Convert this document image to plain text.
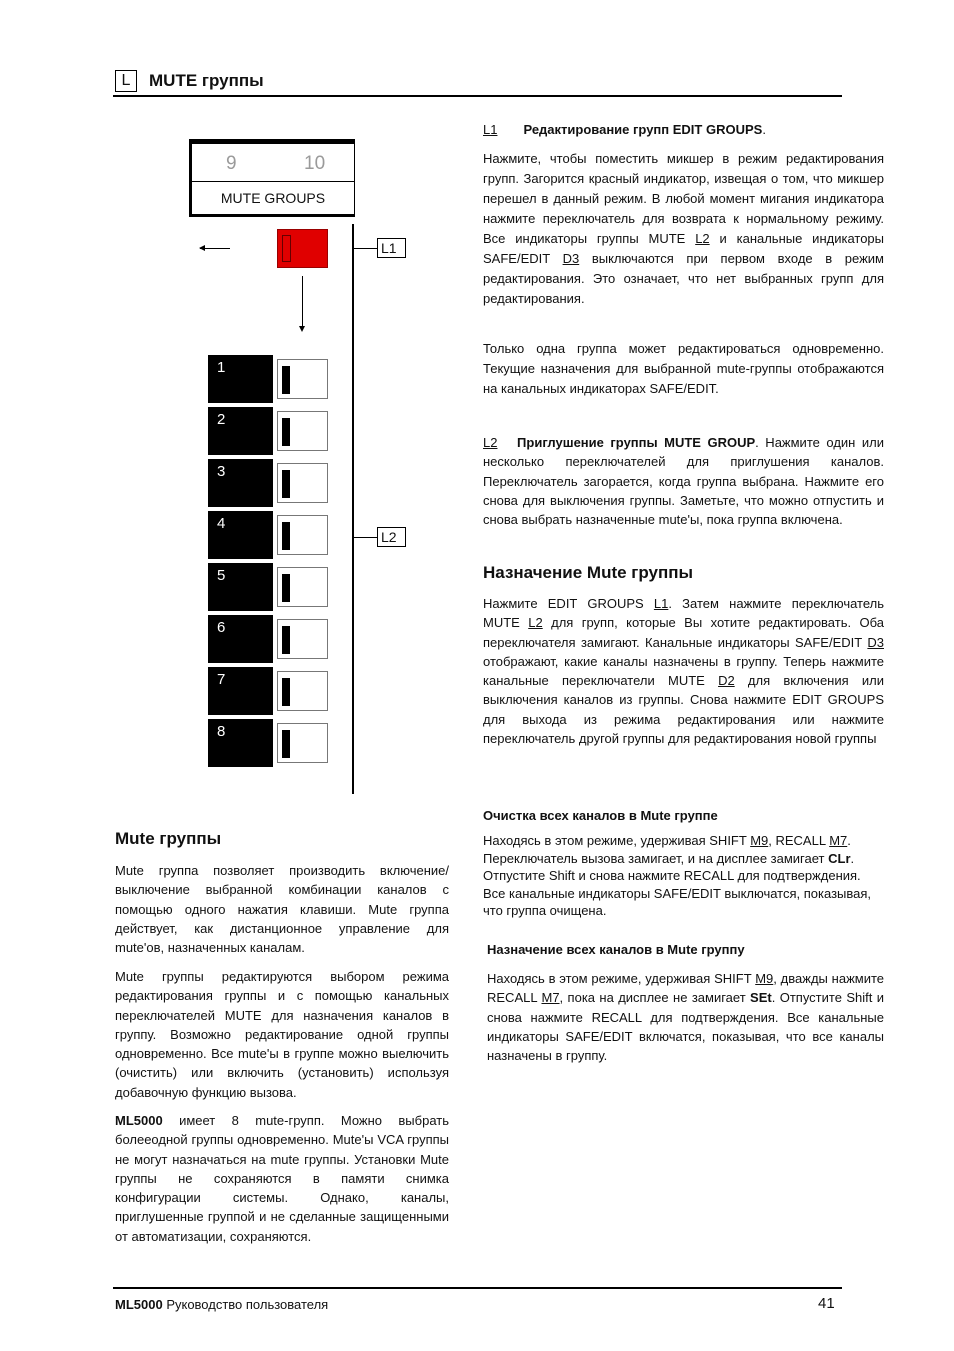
L	MUTE группы
9	10
MUTE GROUPS
L1
L2
1
2
3
4
5
6
7
8
Mute группы

Mute группа позволяет производить включение/выключение выбранной комбинации каналов с помощью одного нажатия клавиши. Mute группа действует, как дистанционное управление для mute'ов, назначенных каналам.

Mute группы редактируются выбором режима редактирования группы и с помощью канальных переключателей MUTE для назначения каналов в группу. Возможно редактирование одной группы одновременно. Все mute'ы в группе можно выелючить (очистить) или включить (установить) используя добавочную функцию вызова.

ML5000 имеет 8 mute-групп. Можно выбрать болееодной группы одновременно. Mute'ы VCA группы не могут назначаться на mute группы. Установки Mute группы не сохраняются в памяти снимка конфигурации системы. Однако, каналы, приглушенные группой и не сделанные защищенными от автоматизации, сохраняются.

L1 Редактирование групп EDIT GROUPS.

Нажмите, чтобы поместить микшер в режим редактирования групп. Загорится красный индикатор, извещая о том, что микшер перешел в данный режим. В любой момент мигания индикатора нажмите переключатель для возврата к нормальному режиму. Все индикаторы группы MUTE L2 и канальные индикаторы SAFE/EDIT D3 выключаются при первом входе в режим редактирования. Это означает, что нет выбранных групп для редактирования.

Только одна группа может редактироваться одновременно. Текущие назначения для выбранной mute-группы отображаются на канальных индикаторах SAFE/EDIT.

L2 Приглушение группы MUTE GROUP. Нажмите один или несколько переключателей для приглушения каналов. Переключатель загорается, когда группа выбрана. Нажмите его снова для выключения группы. Заметьте, что можно отпустить и снова выбрать назначенные mute'ы, пока группа включена.

Назначение Mute группы

Нажмите EDIT GROUPS L1. Затем нажмите переключатель MUTE L2 для групп, которые Вы хотите редактировать. Оба переключателя замигают. Канальные индикаторы SAFE/EDIT D3 отображают, какие каналы назначены в группу. Теперь нажмите канальные переключатели MUTE D2 для включения или выключения каналов из группы. Снова нажмите EDIT GROUPS для выхода из режима редактирования или нажмите переключатель другой группы для редактирования новой группы

Очистка всех каналов в Mute группе

Находясь в этом режиме, удерживая SHIFT M9, RECALL M7. Переключатель вызова замигает, и на дисплее замигает CLr. Отпустите Shift и снова нажмите RECALL для подтверждения. Все канальные индикаторы SAFE/EDIT выключатся, показывая, что группа очищена.

Назначение всех каналов в Mute группу

Находясь в этом режиме, удерживая SHIFT M9, дважды нажмите RECALL M7, пока на дисплее не замигает SEt. Отпустите Shift и снова нажмите RECALL для подтверждения. Все канальные индикаторы SAFE/EDIT включатся, показывая, что все каналы назначены в группу.

ML5000 Руководство пользователя	41
